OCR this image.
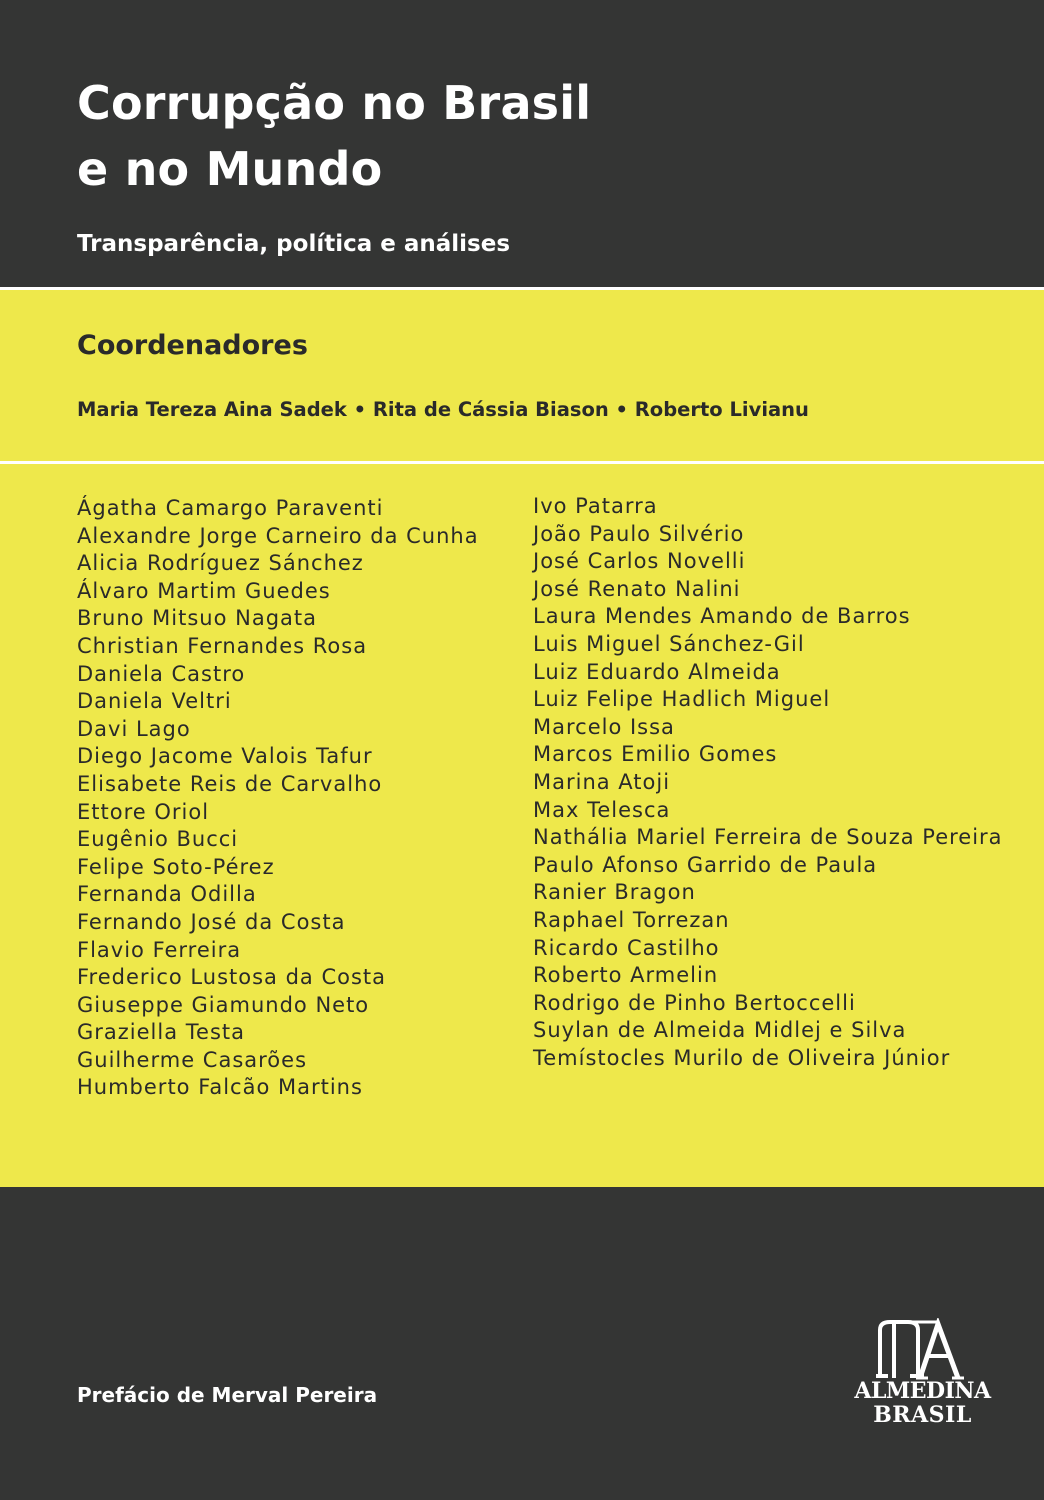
Corrupção no Brasil
e no Mundo
Transparência, política e análises
Coordenadores

Maria Tereza Aina Sadek • Rita de Cássia Biason • Roberto Livianu

Ágatha Camargo Paraventi
Alexandre Jorge Carneiro da Cunha
Alicia Rodríguez Sánchez
Álvaro Martim Guedes
Bruno Mitsuo Nagata
Christian Fernandes Rosa
Daniela Castro
Daniela Veltri
Davi Lago
Diego Jacome Valois Tafur
Elisabete Reis de Carvalho
Ettore Oriol
Eugênio Bucci
Felipe Soto-Pérez
Fernanda Odilla
Fernando José da Costa
Flavio Ferreira
Frederico Lustosa da Costa
Giuseppe Giamundo Neto
Graziella Testa
Guilherme Casarões
Humberto Falcão Martins
Ivo Patarra
João Paulo Silvério
José Carlos Novelli
José Renato Nalini
Laura Mendes Amando de Barros
Luis Miguel Sánchez-Gil
Luiz Eduardo Almeida
Luiz Felipe Hadlich Miguel
Marcelo Issa
Marcos Emilio Gomes
Marina Atoji
Max Telesca
Nathália Mariel Ferreira de Souza Pereira
Paulo Afonso Garrido de Paula
Ranier Bragon
Raphael Torrezan
Ricardo Castilho
Roberto Armelin
Rodrigo de Pinho Bertoccelli
Suylan de Almeida Midlej e Silva
Temístocles Murilo de Oliveira Júnior

Prefácio de Merval Pereira	ALMEDINA

BRASIL
